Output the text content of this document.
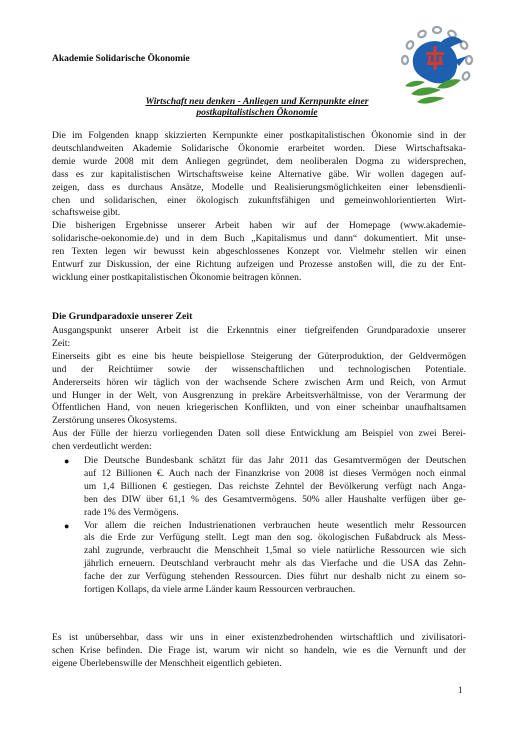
Akademie Solidarische Ökonomie
Wirtschaft neu denken - Anliegen und Kernpunkte einer
postkapitalistischen Ökonomie
Die im Folgenden knapp skizzierten Kernpunkte einer postkapitalistischen Ökonomie sind in der
deutschlandweiten Akademie Solidarische Ökonomie erarbeitet worden. Diese Wirtschaftsaka-
demie wurde 2008 mit dem Anliegen gegründet, dem neoliberalen Dogma zu widersprechen,
dass es zur kapitalistischen Wirtschaftsweise keine Alternative gäbe. Wir wollen dagegen auf-
zeigen, dass es durchaus Ansätze, Modelle und Realisierungsmöglichkeiten einer lebensdienli-
chen und solidarischen, einer ökologisch zukunftsfähigen und gemeinwohlorientierten Wirt-
schaftsweise gibt.
Die bisherigen Ergebnisse unserer Arbeit haben wir auf der Homepage (www.akademie-
solidarische-oekonomie.de) und in dem Buch „Kapitalismus und dann“ dokumentiert. Mit unse-
ren Texten legen wir bewusst kein abgeschlossenes Konzept vor. Vielmehr stellen wir einen
Entwurf zur Diskussion, der eine Richtung aufzeigen und Prozesse anstoßen will, die zu der Ent-
wicklung einer postkapitalistischen Ökonomie beitragen können.
Die Grundparadoxie unserer Zeit
Ausgangspunkt unserer Arbeit ist die Erkenntnis einer tiefgreifenden Grundparadoxie unserer
Zeit:
Einerseits gibt es eine bis heute beispiellose Steigerung der Güterproduktion, der Geldvermögen
und der Reichtümer sowie der wissenschaftlichen und technologischen Potentiale.
Andererseits hören wir täglich von der wachsende Schere zwischen Arm und Reich, von Armut
und Hunger in der Welt, von Ausgrenzung in prekäre Arbeitsverhältnisse, von der Verarmung der
Öffentlichen Hand, von neuen kriegerischen Konflikten, und von einer scheinbar unaufhaltsamen
Zerstörung unseres Ökosystems.
Aus der Fülle der hierzu vorliegenden Daten soll diese Entwicklung am Beispiel von zwei Berei-
chen verdeutlicht werden:
● Die Deutsche Bundesbank schätzt für das Jahr 2011 das Gesamtvermögen der Deutschen
auf 12 Billionen €. Auch nach der Finanzkrise von 2008 ist dieses Vermögen noch einmal
um 1,4 Billionen € gestiegen. Das reichste Zehntel der Bevölkerung verfügt nach Anga-
ben des DIW über 61,1 % des Gesamtvermögens. 50% aller Haushalte verfügen über ge-
rade 1% des Vermögens.
● Vor allem die reichen Industrienationen verbrauchen heute wesentlich mehr Ressourcen
als die Erde zur Verfügung stellt. Legt man den sog. ökologischen Fußabdruck als Mess-
zahl zugrunde, verbraucht die Menschheit 1,5mal so viele natürliche Ressourcen wie sich
jährlich erneuern. Deutschland verbraucht mehr als das Vierfache und die USA das Zehn-
fache der zur Verfügung stehenden Ressourcen. Dies führt nur deshalb nicht zu einem so-
fortigen Kollaps, da viele arme Länder kaum Ressourcen verbrauchen.
Es ist unübersehbar, dass wir uns in einer existenzbedrohenden wirtschaftlich und zivilisatori-
schen Krise befinden. Die Frage ist, warum wir nicht so handeln, wie es die Vernunft und der
eigene Überlebenswille der Menschheit eigentlich gebieten.
1
